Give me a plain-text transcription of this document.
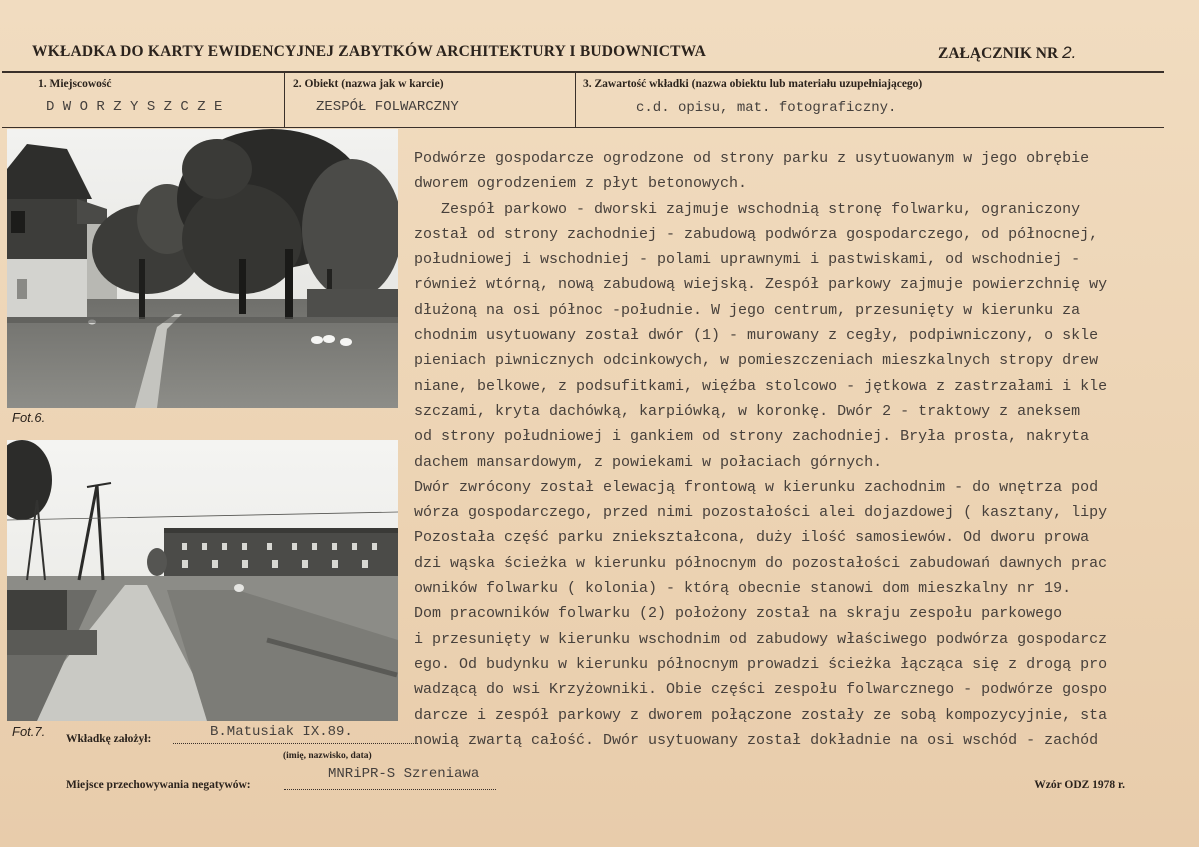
WKŁADKA DO KARTY EWIDENCYJNEJ ZABYTKÓW ARCHITEKTURY I BUDOWNICTWA	ZAŁĄCZNIK NR 2.
1. Miejscowość
D W O R Z Y S Z C Z E
2. Obiekt (nazwa jak w karcie)
ZESPÓŁ FOLWARCZNY
3. Zawartość wkładki (nazwa obiektu lub materiału uzupełniającego)
c.d. opisu, mat. fotograficzny.
Fot.6.
Fot.7.
Podwórze gospodarcze ogrodzone od strony parku z usytuowanym w jego obrębie
dworem ogrodzeniem z płyt betonowych.
Zespół parkowo - dworski zajmuje wschodnią stronę folwarku, ograniczony
został od strony zachodniej - zabudową podwórza gospodarczego, od północnej,
południowej i wschodniej - polami uprawnymi i pastwiskami, od wschodniej -
również wtórną, nową zabudową wiejską. Zespół parkowy zajmuje powierzchnię wy
dłużoną na osi północ -południe. W jego centrum, przesunięty w kierunku za
chodnim usytuowany został dwór (1) - murowany z cegły, podpiwniczony, o skle
pieniach piwnicznych odcinkowych, w pomieszczeniach mieszkalnych stropy drew
niane, belkowe, z podsufitkami, więźba stolcowo - jętkowa z zastrzałami i kle
szczami, kryta dachówką, karpiówką, w koronkę. Dwór 2 - traktowy z aneksem
od strony południowej i gankiem od strony zachodniej. Bryła prosta, nakryta
dachem mansardowym, z powiekami w połaciach górnych.
Dwór zwrócony został elewacją frontową w kierunku zachodnim - do wnętrza pod
wórza gospodarczego, przed nimi pozostałości alei dojazdowej ( kasztany, lipy
Pozostała część parku zniekształcona, duży ilość samosiewów. Od dworu prowa
dzi wąska ścieżka w kierunku północnym do pozostałości zabudowań dawnych prac
owników folwarku ( kolonia) - którą obecnie stanowi dom mieszkalny nr 19.
Dom pracowników folwarku (2) położony został na skraju zespołu parkowego
i przesunięty w kierunku wschodnim od zabudowy właściwego podwórza gospodarcz
ego. Od budynku w kierunku północnym prowadzi ścieżka łącząca się z drogą pro
wadzącą do wsi Krzyżowniki. Obie części zespołu folwarcznego - podwórze gospo
darcze i zespół parkowy z dworem połączone zostały ze sobą kompozycyjnie, sta
nowią zwartą całość. Dwór usytuowany został dokładnie na osi wschód - zachód
Wkładkę założył:	B.Matusiak IX.89.
(imię, nazwisko, data)
Miejsce przechowywania negatywów:
MNRiPR-S Szreniawa
Wzór ODZ 1978 r.
